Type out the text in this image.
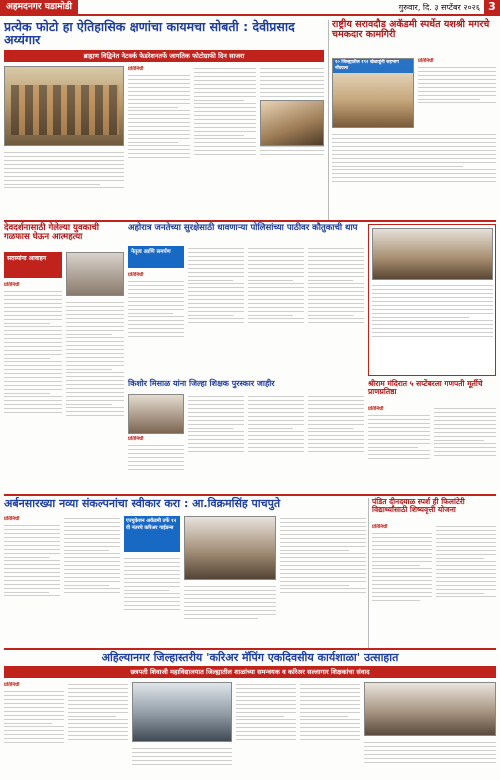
अहमदनगर घडामोडी	गुरुवार, दि. ३ सप्टेंबर २०२६ 3
प्रत्येक फोटो हा ऐतिहासिक क्षणांचा कायमचा सोबती : देवीप्रसाद अय्यंगार
ब्राह्मण विद्विनेत नेटवर्क फेडरेशनतर्फे जागतिक फोटोग्राफी दिन साजरा
प्रतिनिधी
राष्ट्रीय सरावदौड अकॅडमी स्पर्धेत यशश्री मगरचे चमकदार कामगिरी
१० जिल्ह्यातील १९२ खेळाडूंनी सहभाग नोंदवला
प्रतिनिधी
देवदर्शनासाठी गेलेल्या युवकाची गळफास घेऊन आत्महत्या
सदस्यांना आवाहन
प्रतिनिधी
अहोरात्र जनतेच्या सुरक्षेसाठी धावणाऱ्या पोलिसांच्या पाठीवर कौतुकाची थाप
नेतृत्व आणि समर्पण
प्रतिनिधी
किशोर मिसाळ यांना जिल्हा शिक्षक पुरस्कार जाहीर
प्रतिनिधी
श्रीराम मंदिरात ५ सप्टेंबरला गणपती मूर्तीचे प्राणप्रतिष्ठा
प्रतिनिधी
अर्बनसारख्या नव्या संकल्पनांचा स्वीकार करा : आ.विक्रमसिंह पाचपुते
प्रतिनिधी	एज्युकेशन अकॅडमी तर्फे १२ वी नंतरचे करिअर गाईडन्स
पंडित दीनदयाळ स्पर्श ही फिलांटेरी विद्यार्थ्यांसाठी शिष्यवृत्ती योजना
प्रतिनिधी
अहिल्यानगर जिल्हास्तरीय 'करिअर मॅपिंग एकदिवसीय कार्यशाळा' उत्साहात
छत्रपती शिवाजी महाविद्यालयात जिल्ह्यातील शाळांच्या समन्वयक व करिअर सल्लागार शिक्षकांचा संवाद
प्रतिनिधी
